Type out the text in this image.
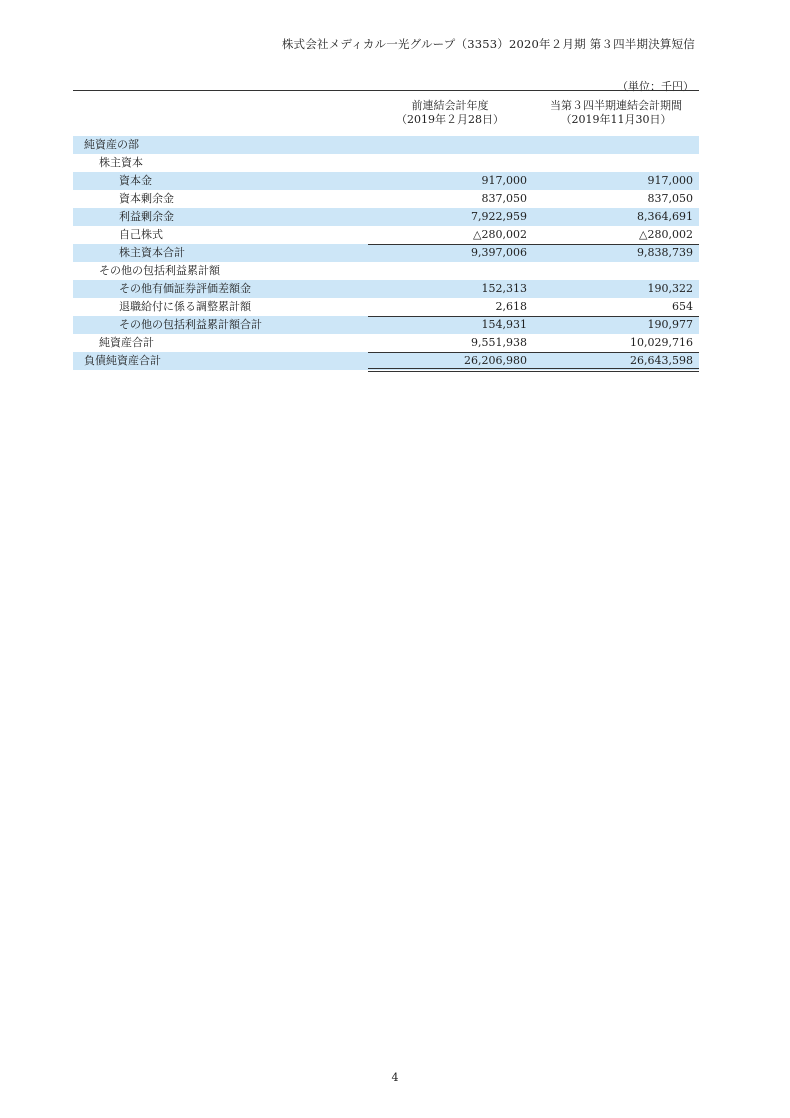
株式会社メディカル一光グループ（3353）2020年２月期 第３四半期決算短信
（単位：千円）
前連結会計年度
（2019年２月28日）
当第３四半期連結会計期間
（2019年11月30日）
純資産の部
株主資本
資本金	917,000	917,000
資本剰余金	837,050	837,050
利益剰余金	7,922,959	8,364,691
自己株式	△280,002	△280,002
株主資本合計	9,397,006	9,838,739
その他の包括利益累計額
その他有価証券評価差額金	152,313	190,322
退職給付に係る調整累計額	2,618	654
その他の包括利益累計額合計	154,931	190,977
純資産合計	9,551,938	10,029,716
負債純資産合計	26,206,980	26,643,598
4
